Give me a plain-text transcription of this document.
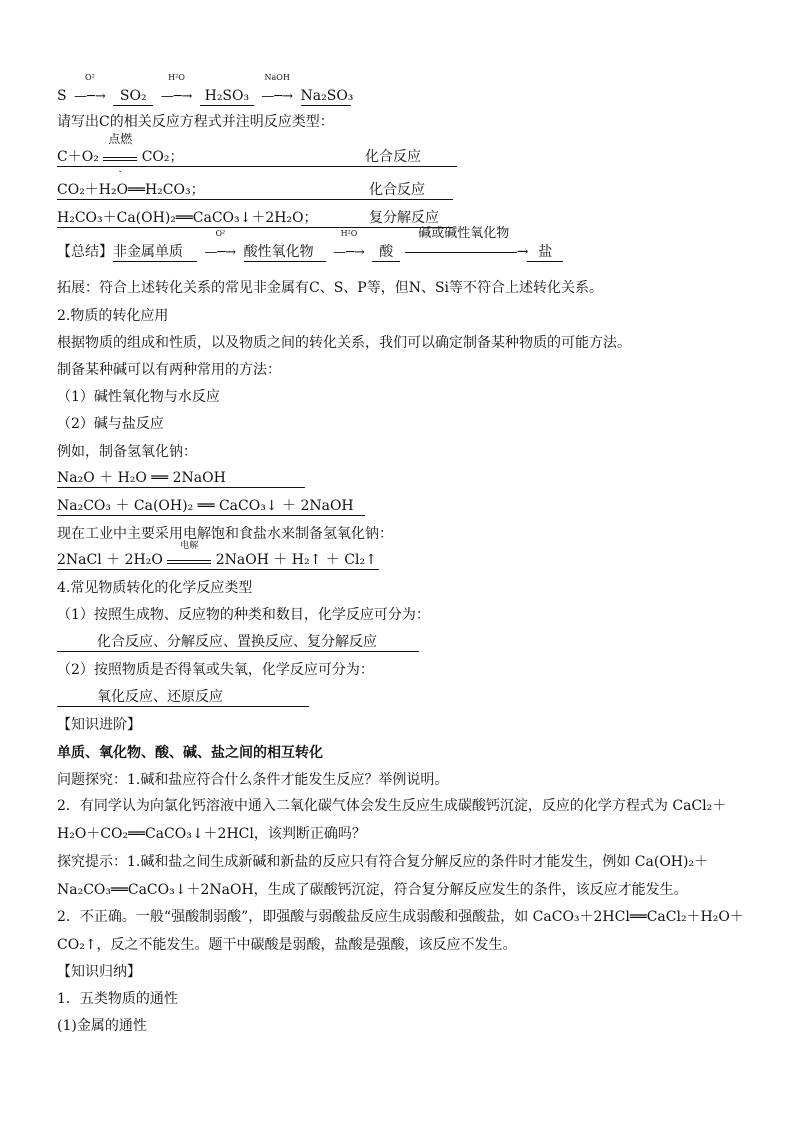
S
O²
—─→ SO₂
H²O
—─→ H₂SO₃
NaOH
—─→ Na₂SO₃
请写出C的相关反应方程式并注明反应类型：
C＋O₂
点燃
-
CO₂；	化合反应
CO₂＋H₂O══H₂CO₃；	化合反应
H₂CO₃＋Ca(OH)₂══CaCO₃↓＋2H₂O；	复分解反应
【总结】非金属单质
O²
—─→ 酸性氧化物
H²O
—─→ 酸
碱或碱性氧化物
→ 盐
拓展：符合上述转化关系的常见非金属有C、S、P等，但N、Si等不符合上述转化关系。
2.物质的转化应用
根据物质的组成和性质，以及物质之间的转化关系，我们可以确定制备某种物质的可能方法。
制备某种碱可以有两种常用的方法：
（1）碱性氧化物与水反应
（2）碱与盐反应
例如，制备氢氧化钠：
Na₂O ＋ H₂O ══ 2NaOH
Na₂CO₃ ＋ Ca(OH)₂ ══ CaCO₃↓ ＋ 2NaOH
现在工业中主要采用电解饱和食盐水来制备氢氧化钠：
2NaCl ＋ 2H₂O
电解
2NaOH ＋ H₂↑ ＋ Cl₂↑
4.常见物质转化的化学反应类型
（1）按照生成物、反应物的种类和数目，化学反应可分为：
化合反应、分解反应、置换反应、复分解反应
（2）按照物质是否得氧或失氧，化学反应可分为：
氧化反应、还原反应
【知识进阶】
单质、氧化物、酸、碱、盐之间的相互转化
问题探究：1.碱和盐应符合什么条件才能发生反应？举例说明。
2．有同学认为向氯化钙溶液中通入二氧化碳气体会发生反应生成碳酸钙沉淀，反应的化学方程式为 CaCl₂＋H₂O＋CO₂══CaCO₃↓＋2HCl，该判断正确吗？
探究提示：1.碱和盐之间生成新碱和新盐的反应只有符合复分解反应的条件时才能发生，例如 Ca(OH)₂＋Na₂CO₃══CaCO₃↓＋2NaOH，生成了碳酸钙沉淀，符合复分解反应发生的条件，该反应才能发生。
2．不正确。一般“强酸制弱酸”，即强酸与弱酸盐反应生成弱酸和强酸盐，如 CaCO₃＋2HCl══CaCl₂＋H₂O＋CO₂↑，反之不能发生。题干中碳酸是弱酸，盐酸是强酸，该反应不发生。
【知识归纳】
1．五类物质的通性
(1)金属的通性
